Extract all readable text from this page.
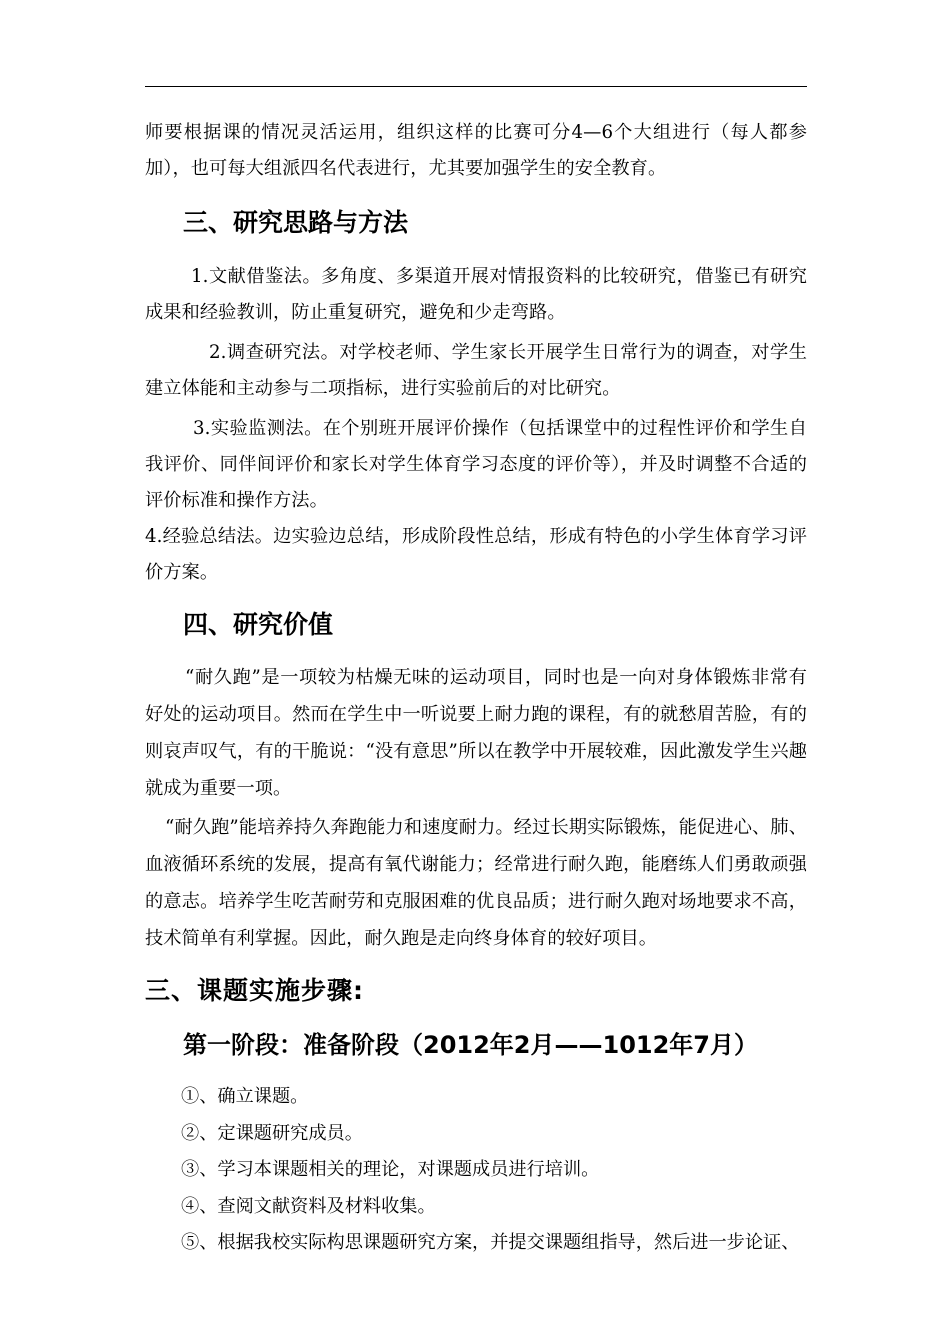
师要根据课的情况灵活运用，组织这样的比赛可分4—6个大组进行（每人都参加），也可每大组派四名代表进行，尤其要加强学生的安全教育。

三、研究思路与方法

1.文献借鉴法。多角度、多渠道开展对情报资料的比较研究，借鉴已有研究成果和经验教训，防止重复研究，避免和少走弯路。

2.调查研究法。对学校老师、学生家长开展学生日常行为的调查，对学生建立体能和主动参与二项指标，进行实验前后的对比研究。

3.实验监测法。在个别班开展评价操作（包括课堂中的过程性评价和学生自我评价、同伴间评价和家长对学生体育学习态度的评价等），并及时调整不合适的评价标准和操作方法。

4.经验总结法。边实验边总结，形成阶段性总结，形成有特色的小学生体育学习评价方案。

四、研究价值

“耐久跑”是一项较为枯燥无味的运动项目，同时也是一向对身体锻炼非常有好处的运动项目。然而在学生中一听说要上耐力跑的课程，有的就愁眉苦脸，有的则哀声叹气，有的干脆说：“没有意思”所以在教学中开展较难，因此激发学生兴趣就成为重要一项。

“耐久跑”能培养持久奔跑能力和速度耐力。经过长期实际锻炼，能促进心、肺、血液循环系统的发展，提高有氧代谢能力；经常进行耐久跑，能磨练人们勇敢顽强的意志。培养学生吃苦耐劳和克服困难的优良品质；进行耐久跑对场地要求不高，技术简单有利掌握。因此，耐久跑是走向终身体育的较好项目。

三、课题实施步骤:
第一阶段：准备阶段（2012年2月——1012年7月）
①、确立课题。
②、定课题研究成员。
③、学习本课题相关的理论，对课题成员进行培训。
④、查阅文献资料及材料收集。
⑤、根据我校实际构思课题研究方案，并提交课题组指导，然后进一步论证、
